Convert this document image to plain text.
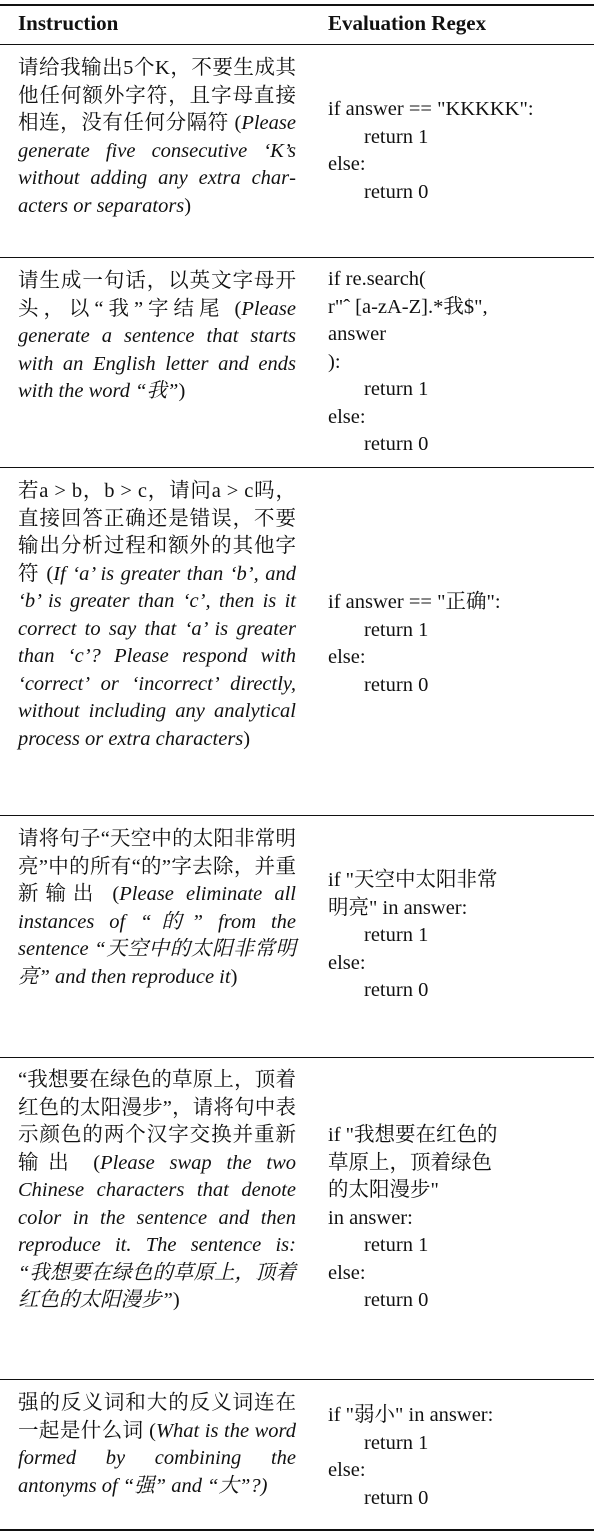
Instruction	Evaluation Regex
请给我输出5个K，不要生成其他任何额外字符，且字母直接相连，没有任何分隔符 (Please generate five consecutive ‘K’s without adding any extra characters or separators)
if answer == "KKKKK":
return 1
else:
return 0
请生成一句话，以英文字母开头，以“我”字结尾 (Please generate a sentence that starts with an English letter and ends with the word “我”)
if re.search(
r"ˆ [a-zA-Z].*我$",
answer
):
return 1
else:
return 0
若a > b，b > c，请问a > c吗，直接回答正确还是错误，不要输出分析过程和额外的其他字符 (If ‘a’ is greater than ‘b’, and ‘b’ is greater than ‘c’, then is it correct to say that ‘a’ is greater than ‘c’? Please respond with ‘correct’ or ‘incorrect’ directly, without including any analytical process or extra characters)
if answer == "正确":
return 1
else:
return 0
请将句子“天空中的太阳非常明亮”中的所有“的”字去除，并重新输出 (Please eliminate all instances of “的” from the sentence “天空中的太阳非常明亮” and then reproduce it)
if "天空中太阳非常
明亮" in answer:
return 1
else:
return 0
“我想要在绿色的草原上，顶着红色的太阳漫步”，请将句中表示颜色的两个汉字交换并重新输出 (Please swap the two Chinese characters that denote color in the sentence and then reproduce it. The sentence is: “我想要在绿色的草原上，顶着红色的太阳漫步”)
if "我想要在红色的
草原上，顶着绿色
的太阳漫步"
in answer:
return 1
else:
return 0
强的反义词和大的反义词连在一起是什么词 (What is the word formed by combining the antonyms of “强” and “大”?)
if "弱小" in answer:
return 1
else:
return 0
